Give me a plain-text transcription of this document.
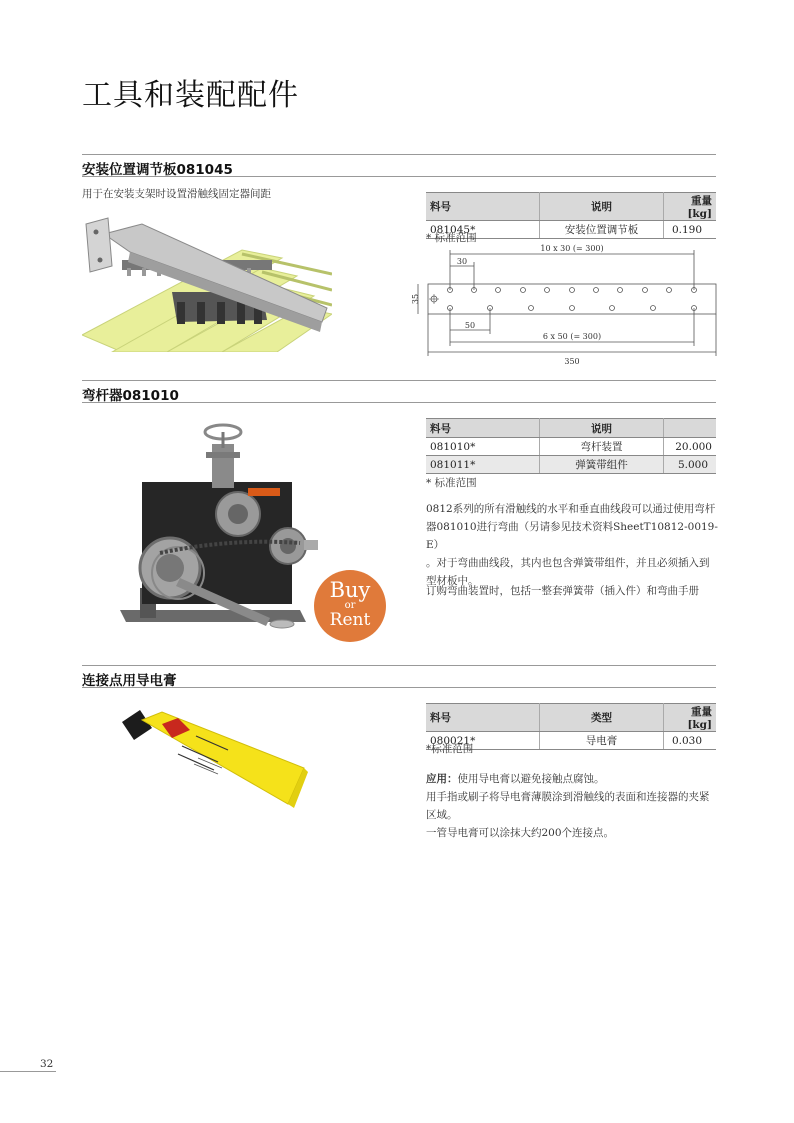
工具和装配配件
安装位置调节板081045
用于在安装支架时设置滑触线固定器间距
料号	说明	重量[kg]
081045*	安装位置调节板	0.190
* 标准范围
10 x 30 (= 300)
30
35
50
6 x 50 (= 300)
350
弯杆器081010
Buy
or
Rent
料号	说明	
081010*	弯杆装置	20.000
081011*	弹簧带组件	5.000
* 标准范围

0812系列的所有滑触线的水平和垂直曲线段可以通过使用弯杆

器081010进行弯曲（另请参见技术资料SheetT10812-0019-E）

。对于弯曲曲线段，其内也包含弹簧带组件，并且必须插入到

型材板中。

订购弯曲装置时，包括一整套弹簧带（插入件）和弯曲手册
连接点用导电膏
料号	类型	重量[kg]
080021*	导电膏	0.030
*标准范围

应用：使用导电膏以避免接触点腐蚀。

用手指或刷子将导电膏薄膜涂到滑触线的表面和连接器的夹紧

区域。

一管导电膏可以涂抹大约200个连接点。

32
